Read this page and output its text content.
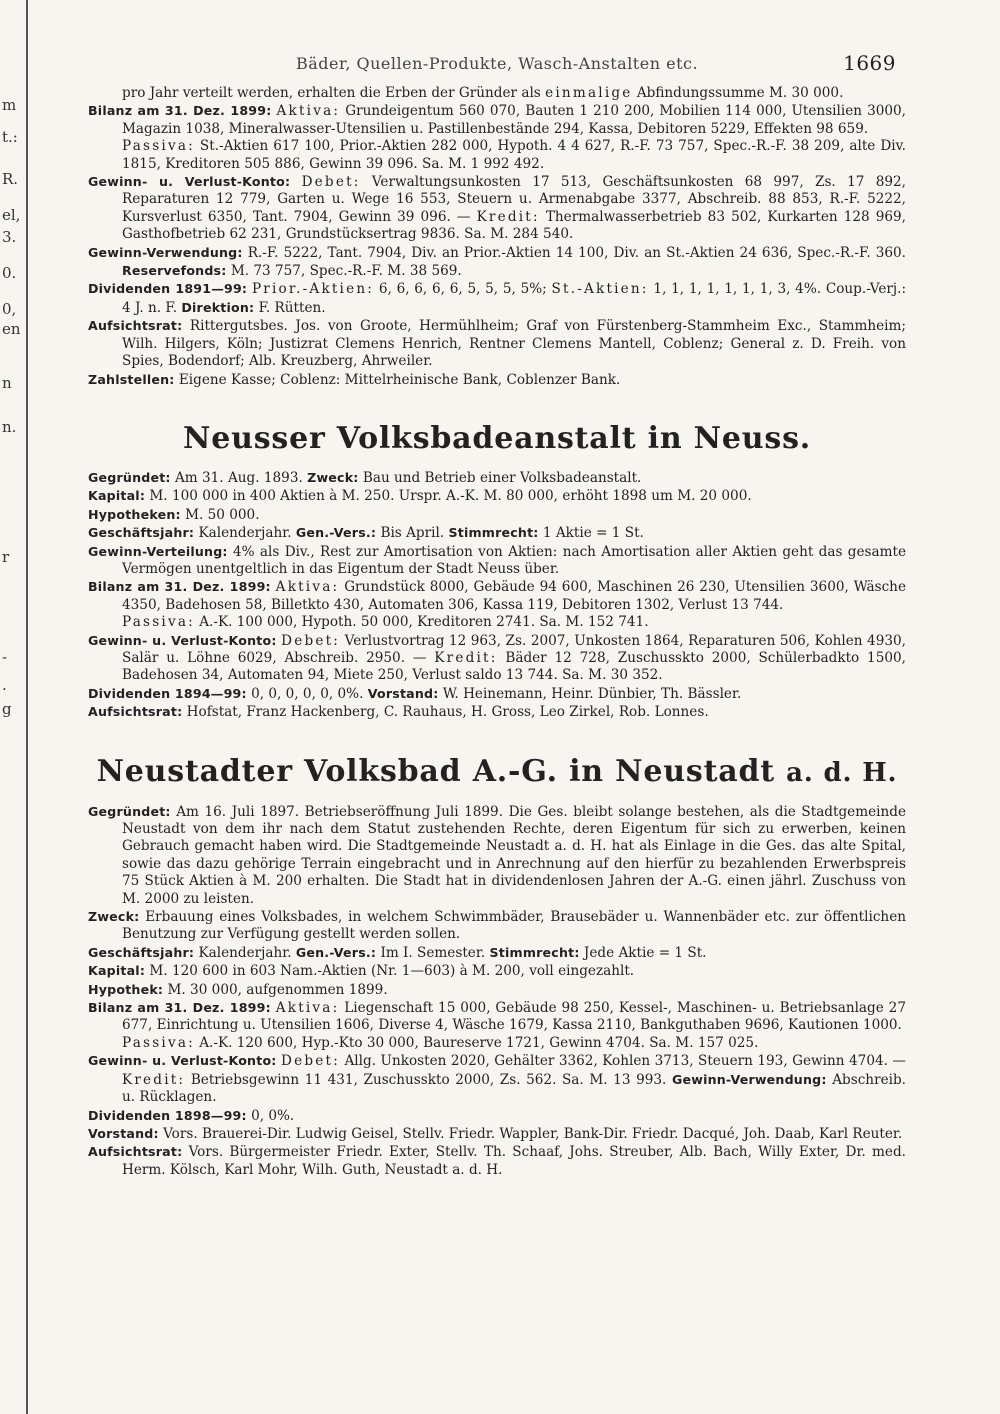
m
t.:
R.
el,
3.
0.
0,
en
n
n.
r
-
.
g
Bäder, Quellen-Produkte, Wasch-Anstalten etc.	1669

pro Jahr verteilt werden, erhalten die Erben der Gründer als einmalige Abfindungssumme M. 30 000.

Bilanz am 31. Dez. 1899: Aktiva: Grundeigentum 560 070, Bauten 1 210 200, Mobilien 114 000, Utensilien 3000, Magazin 1038, Mineralwasser-Utensilien u. Pastillenbestände 294, Kassa, Debitoren 5229, Effekten 98 659.

Passiva: St.-Aktien 617 100, Prior.-Aktien 282 000, Hypoth. 4 4 627, R.-F. 73 757, Spec.-R.-F. 38 209, alte Div. 1815, Kreditoren 505 886, Gewinn 39 096. Sa. M. 1 992 492.

Gewinn- u. Verlust-Konto: Debet: Verwaltungsunkosten 17 513, Geschäftsunkosten 68 997, Zs. 17 892, Reparaturen 12 779, Garten u. Wege 16 553, Steuern u. Armenabgabe 3377, Abschreib. 88 853, R.-F. 5222, Kursverlust 6350, Tant. 7904, Gewinn 39 096. — Kredit: Thermalwasserbetrieb 83 502, Kurkarten 128 969, Gasthofbetrieb 62 231, Grundstücksertrag 9836. Sa. M. 284 540.

Gewinn-Verwendung: R.-F. 5222, Tant. 7904, Div. an Prior.-Aktien 14 100, Div. an St.-Aktien 24 636, Spec.-R.-F. 360. Reservefonds: M. 73 757, Spec.-R.-F. M. 38 569.

Dividenden 1891—99: Prior.-Aktien: 6, 6, 6, 6, 6, 5, 5, 5, 5%; St.-Aktien: 1, 1, 1, 1, 1, 1, 1, 3, 4%. Coup.-Verj.: 4 J. n. F. Direktion: F. Rütten.

Aufsichtsrat: Rittergutsbes. Jos. von Groote, Hermühlheim; Graf von Fürstenberg-Stammheim Exc., Stammheim; Wilh. Hilgers, Köln; Justizrat Clemens Henrich, Rentner Clemens Mantell, Coblenz; General z. D. Freih. von Spies, Bodendorf; Alb. Kreuzberg, Ahrweiler.

Zahlstellen: Eigene Kasse; Coblenz: Mittelrheinische Bank, Coblenzer Bank.

Neusser Volksbadeanstalt in Neuss.

Gegründet: Am 31. Aug. 1893. Zweck: Bau und Betrieb einer Volksbadeanstalt.

Kapital: M. 100 000 in 400 Aktien à M. 250. Urspr. A.-K. M. 80 000, erhöht 1898 um M. 20 000.

Hypotheken: M. 50 000.

Geschäftsjahr: Kalenderjahr. Gen.-Vers.: Bis April. Stimmrecht: 1 Aktie = 1 St.

Gewinn-Verteilung: 4% als Div., Rest zur Amortisation von Aktien: nach Amortisation aller Aktien geht das gesamte Vermögen unentgeltlich in das Eigentum der Stadt Neuss über.

Bilanz am 31. Dez. 1899: Aktiva: Grundstück 8000, Gebäude 94 600, Maschinen 26 230, Utensilien 3600, Wäsche 4350, Badehosen 58, Billetkto 430, Automaten 306, Kassa 119, Debitoren 1302, Verlust 13 744.

Passiva: A.-K. 100 000, Hypoth. 50 000, Kreditoren 2741. Sa. M. 152 741.

Gewinn- u. Verlust-Konto: Debet: Verlustvortrag 12 963, Zs. 2007, Unkosten 1864, Reparaturen 506, Kohlen 4930, Salär u. Löhne 6029, Abschreib. 2950. — Kredit: Bäder 12 728, Zuschusskto 2000, Schülerbadkto 1500, Badehosen 34, Automaten 94, Miete 250, Verlust saldo 13 744. Sa. M. 30 352.

Dividenden 1894—99: 0, 0, 0, 0, 0, 0%. Vorstand: W. Heinemann, Heinr. Dünbier, Th. Bässler.

Aufsichtsrat: Hofstat, Franz Hackenberg, C. Rauhaus, H. Gross, Leo Zirkel, Rob. Lonnes.

Neustadter Volksbad A.-G. in Neustadt a. d. H.

Gegründet: Am 16. Juli 1897. Betriebseröffnung Juli 1899. Die Ges. bleibt solange bestehen, als die Stadtgemeinde Neustadt von dem ihr nach dem Statut zustehenden Rechte, deren Eigentum für sich zu erwerben, keinen Gebrauch gemacht haben wird. Die Stadtgemeinde Neustadt a. d. H. hat als Einlage in die Ges. das alte Spital, sowie das dazu gehörige Terrain eingebracht und in Anrechnung auf den hierfür zu bezahlenden Erwerbspreis 75 Stück Aktien à M. 200 erhalten. Die Stadt hat in dividendenlosen Jahren der A.-G. einen jährl. Zuschuss von M. 2000 zu leisten.

Zweck: Erbauung eines Volksbades, in welchem Schwimmbäder, Brausebäder u. Wannenbäder etc. zur öffentlichen Benutzung zur Verfügung gestellt werden sollen.

Geschäftsjahr: Kalenderjahr. Gen.-Vers.: Im I. Semester. Stimmrecht: Jede Aktie = 1 St.

Kapital: M. 120 600 in 603 Nam.-Aktien (Nr. 1—603) à M. 200, voll eingezahlt.

Hypothek: M. 30 000, aufgenommen 1899.

Bilanz am 31. Dez. 1899: Aktiva: Liegenschaft 15 000, Gebäude 98 250, Kessel-, Maschinen- u. Betriebsanlage 27 677, Einrichtung u. Utensilien 1606, Diverse 4, Wäsche 1679, Kassa 2110, Bankguthaben 9696, Kautionen 1000.

Passiva: A.-K. 120 600, Hyp.-Kto 30 000, Baureserve 1721, Gewinn 4704. Sa. M. 157 025.

Gewinn- u. Verlust-Konto: Debet: Allg. Unkosten 2020, Gehälter 3362, Kohlen 3713, Steuern 193, Gewinn 4704. — Kredit: Betriebsgewinn 11 431, Zuschusskto 2000, Zs. 562. Sa. M. 13 993. Gewinn-Verwendung: Abschreib. u. Rücklagen.

Dividenden 1898—99: 0, 0%.

Vorstand: Vors. Brauerei-Dir. Ludwig Geisel, Stellv. Friedr. Wappler, Bank-Dir. Friedr. Dacqué, Joh. Daab, Karl Reuter.

Aufsichtsrat: Vors. Bürgermeister Friedr. Exter, Stellv. Th. Schaaf, Johs. Streuber, Alb. Bach, Willy Exter, Dr. med. Herm. Kölsch, Karl Mohr, Wilh. Guth, Neustadt a. d. H.
